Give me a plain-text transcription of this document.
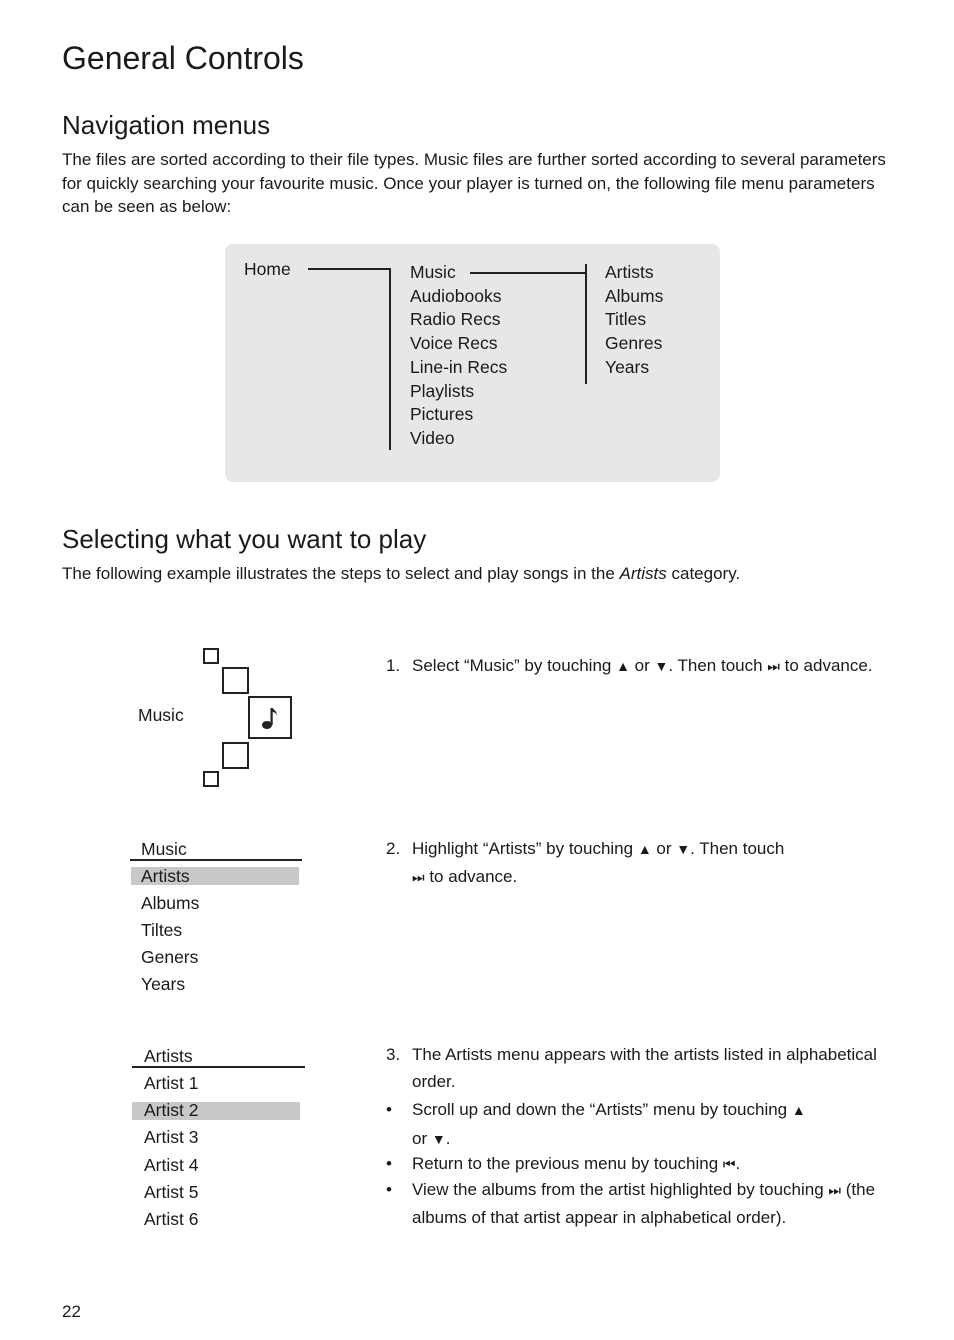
General Controls
Navigation menus

The files are sorted according to their file types. Music files are further sorted according to several parameters for quickly searching your favourite music. Once your player is turned on, the following file menu parameters can be seen as below:

Home	Music
Audiobooks
Radio Recs
Voice Recs
Line-in Recs
Playlists
Pictures
Video
Artists
Albums
Titles
Genres
Years
Selecting what you want to play

The following example illustrates the steps to select and play songs in the Artists category.

Music
1. Select “Music” by touching ▲ or ▼. Then touch ⏭ to advance.
Music
Artists
Albums
Tiltes
Geners
Years
2. Highlight “Artists” by touching ▲ or ▼. Then touch
⏭ to advance.
Artists
Artist 1
Artist 2
Artist 3
Artist 4
Artist 5
Artist 6
3. The Artists menu appears with the artists listed in alphabetical order.
• Scroll up and down the “Artists” menu by touching ▲
or ▼.
• Return to the previous menu by touching ⏮.
• View the albums from the artist highlighted by touching ⏭ (the albums of that artist appear in alphabetical order).
22
